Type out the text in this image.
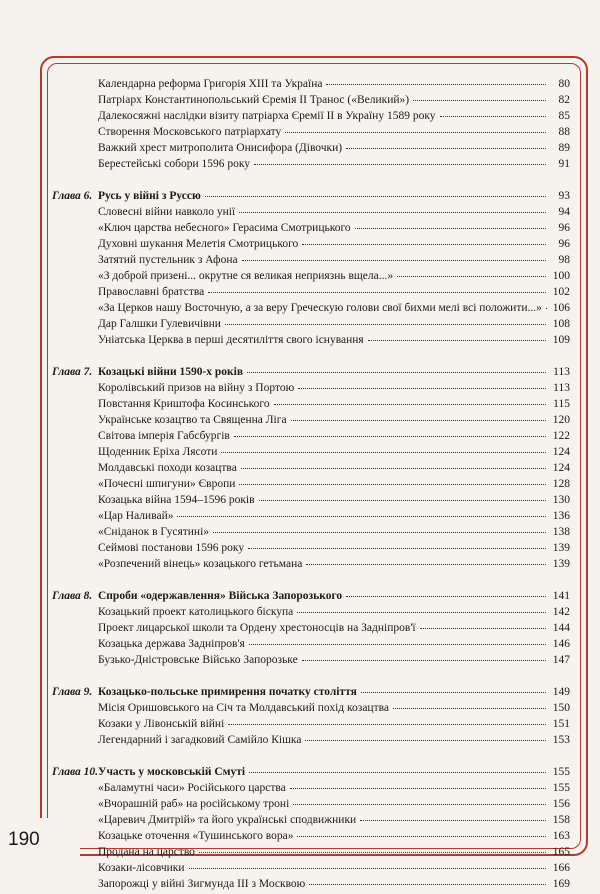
190
Календарна реформа Григорія XIII та Україна	80
Патріарх Константинопольський Єремія II Транос («Великий»)	82
Далекосяжні наслідки візиту патріарха Єремії II в Україну 1589 року	85
Створення Московського патріархату	88
Важкий хрест митрополита Онисифора (Дівочки)	89
Берестейські собори 1596 року	91
Глава 6. Русь у війні з Руссю	93
Словесні війни навколо унії	94
«Ключ царства небесного» Герасима Смотрицького	96
Духовні шукання Мелетія Смотрицького	96
Затятий пустельник з Афона	98
«З доброй призені... окрутне ся великая неприязнь вщела...»	100
Православні братства	102
«За Церков нашу Восточную, а за веру Греческую голови свої бихми мелі всі положити...» 106
Дар Галшки Гулевичівни	108
Уніатська Церква в перші десятиліття свого існування	109
Глава 7. Козацькі війни 1590-х років	113
Королівський призов на війну з Портою	113
Повстання Криштофа Косинського	115
Українське козацтво та Священна Ліга	120
Світова імперія Габсбургів	122
Щоденник Еріха Лясоти	124
Молдавські походи козацтва	124
«Почесні шпигуни» Європи	128
Козацька війна 1594–1596 років	130
«Цар Наливай»	136
«Сніданок в Гусятині»	138
Сеймові постанови 1596 року	139
«Розпечений вінець» козацького гетьмана	139
Глава 8. Спроби «одержавлення» Війська Запорозького	141
Козацький проект католицького біскупа	142
Проект лицарської школи та Ордену хрестоносців на Задніпров'ї	144
Козацька держава Задніпров'я	146
Бузько-Дністровське Військо Запорозьке	147
Глава 9. Козацько-польське примирення початку століття	149
Місія Оришовського на Січ та Молдавський похід козацтва	150
Козаки у Лівонській війні	151
Легендарний і загадковий Самійло Кішка	153
Глава 10. Участь у московській Смуті	155
«Баламутні часи» Російського царства	155
«Вчорашній раб» на російському троні	156
«Царевич Дмитрій» та його українські сподвижники	158
Козацьке оточення «Тушинського вора»	163
Продана на царство	165
Козаки-лісовчики	166
Запорожці у війні Зигмунда III з Москвою	169
